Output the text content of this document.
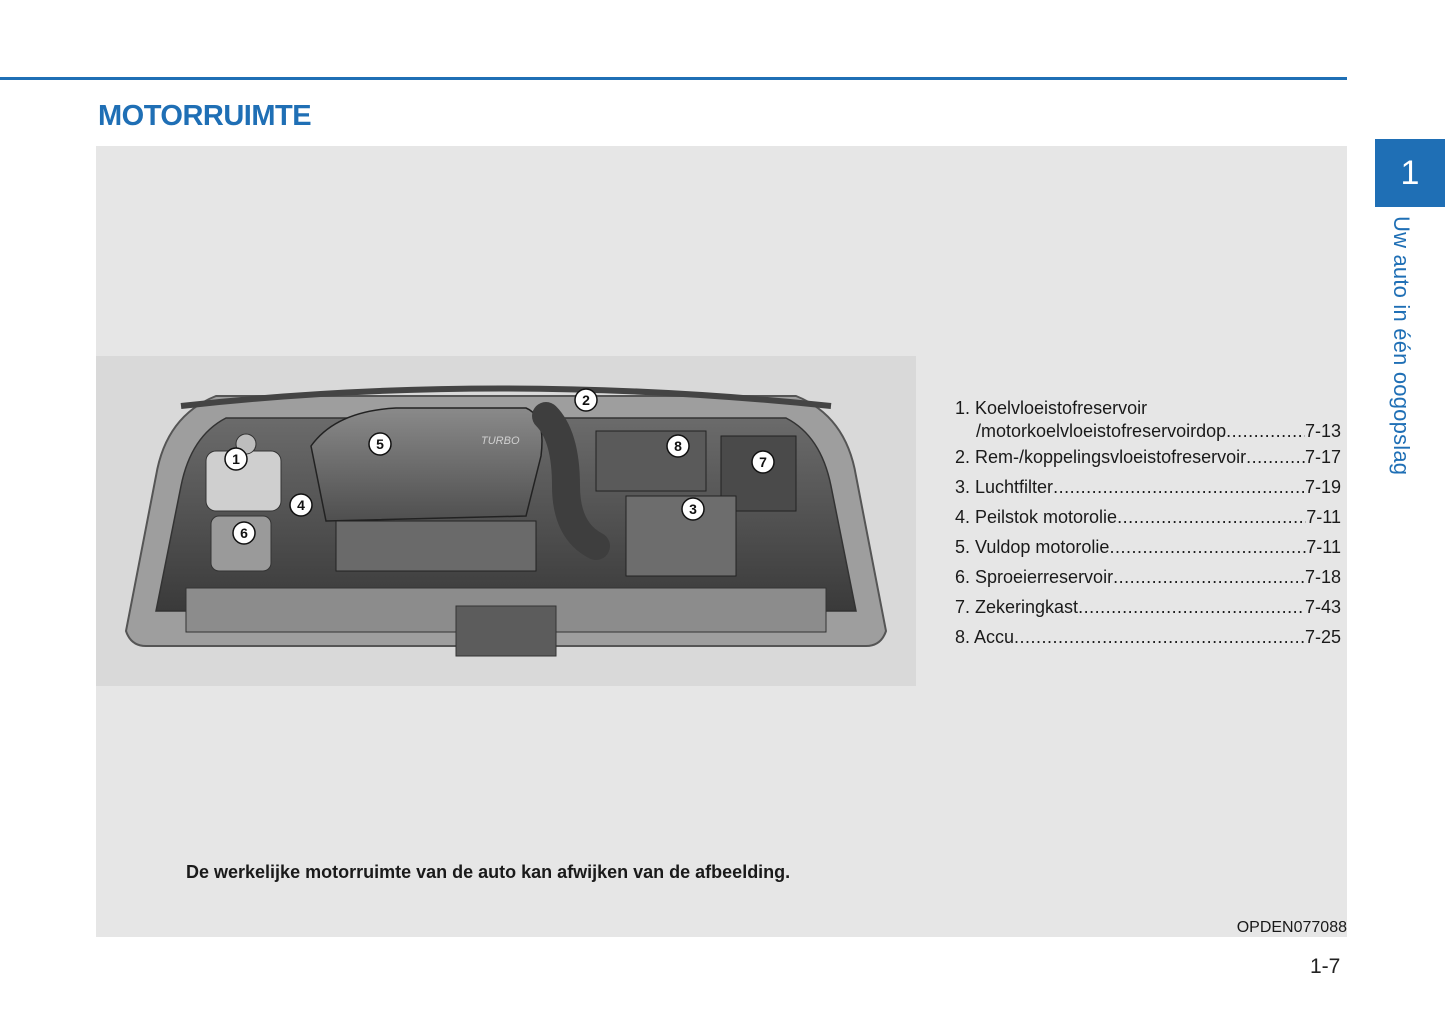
MOTORRUIMTE
1
Uw auto in één oogopslag
TURBO
1
2
3
4
5
6
7
8
1. Koelvloeistofreservoir
/motorkoelvloeistofreservoirdop .....	7-13
2. Rem-/koppelingsvloeistofreservoir .....	7-17
3. Luchtfilter .....	7-19
4. Peilstok motorolie .....	7-11
5. Vuldop motorolie .....	7-11
6. Sproeierreservoir .....	7-18
7. Zekeringkast .....	7-43
8. Accu .....	7-25
De werkelijke motorruimte van de auto kan afwijken van de afbeelding.
OPDEN077088
1-7
